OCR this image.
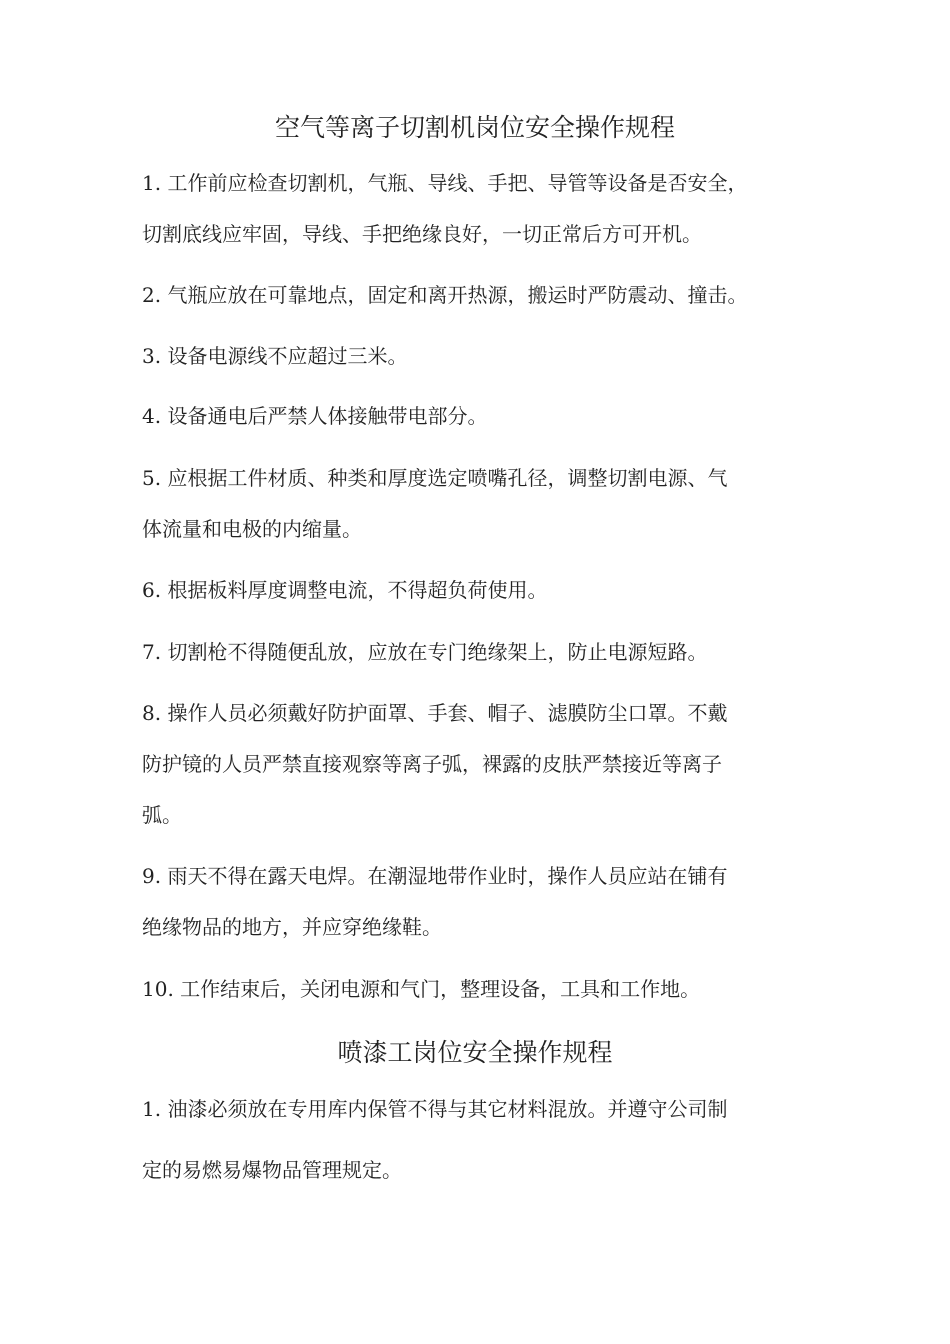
空气等离子切割机岗位安全操作规程
1. 工作前应检查切割机，气瓶、导线、手把、导管等设备是否安全，
切割底线应牢固，导线、手把绝缘良好，一切正常后方可开机。
2. 气瓶应放在可靠地点，固定和离开热源，搬运时严防震动、撞击。
3. 设备电源线不应超过三米。
4. 设备通电后严禁人体接触带电部分。
5. 应根据工件材质、种类和厚度选定喷嘴孔径，调整切割电源、气
体流量和电极的内缩量。
6. 根据板料厚度调整电流，不得超负荷使用。
7. 切割枪不得随便乱放，应放在专门绝缘架上，防止电源短路。
8. 操作人员必须戴好防护面罩、手套、帽子、滤膜防尘口罩。不戴
防护镜的人员严禁直接观察等离子弧，裸露的皮肤严禁接近等离子
弧。
9. 雨天不得在露天电焊。在潮湿地带作业时，操作人员应站在铺有
绝缘物品的地方，并应穿绝缘鞋。
10. 工作结束后，关闭电源和气门，整理设备，工具和工作地。
喷漆工岗位安全操作规程
1. 油漆必须放在专用库内保管不得与其它材料混放。并遵守公司制
定的易燃易爆物品管理规定。
